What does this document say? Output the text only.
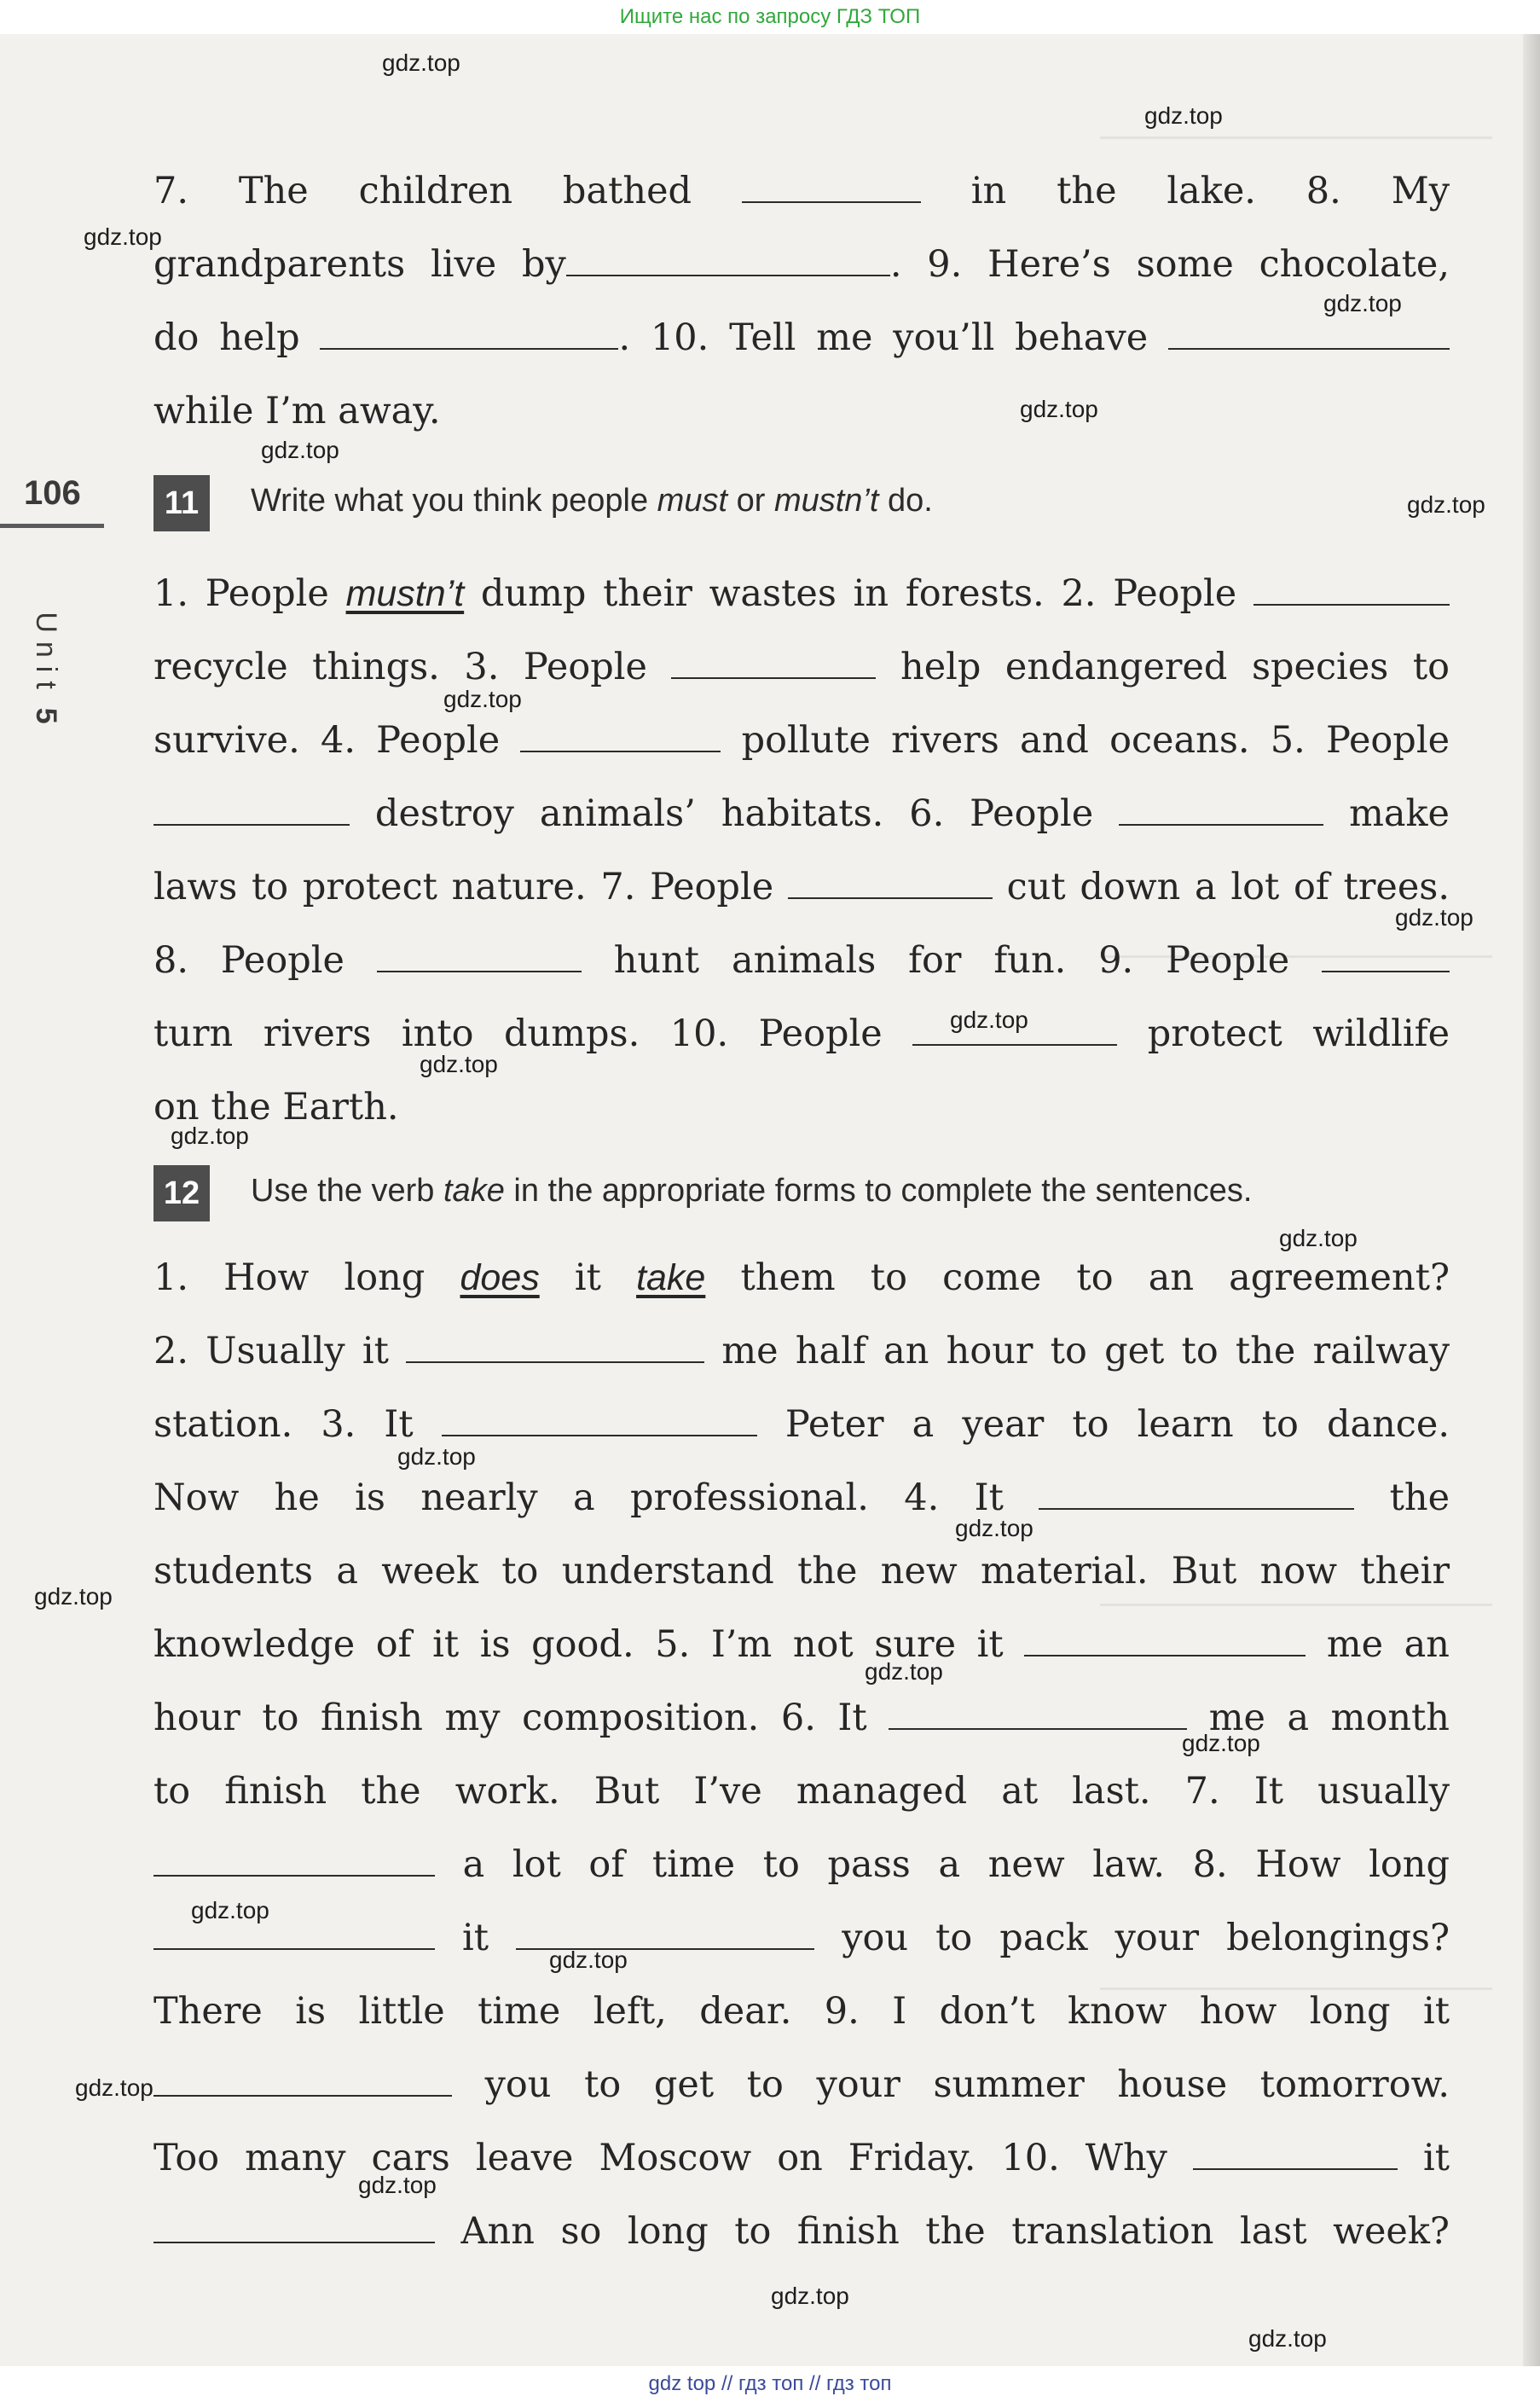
Ищите нас по запросу ГДЗ ТОП
106
Unit
5
7. The children bathed	in the lake. 8. My
grandparents live by	. 9. Here’s some chocolate,
do help	. 10. Tell me you’ll behave
while I’m away.
11	Write what you think people must or mustn’t do.
1. People mustn’t dump their wastes in forests. 2. People
recycle things. 3. People	help endangered species to
survive. 4. People	pollute rivers and oceans. 5. People
destroy animals’ habitats. 6. People	make
laws to protect nature. 7. People	cut down a lot of trees.
8. People	hunt animals for fun. 9. People
turn rivers into dumps. 10. People	protect wildlife
on the Earth.
12	Use the verb take in the appropriate forms to complete the sentences.
1. How long does it take them to come to an agreement?
2. Usually it	me half an hour to get to the railway
station. 3. It	Peter a year to learn to dance.
Now he is nearly a professional. 4. It	the
students a week to understand the new material. But now their
knowledge of it is good. 5. I’m not sure it	me an
hour to finish my composition. 6. It	me a month
to finish the work. But I’ve managed at last. 7. It usually
a lot of time to pass a new law. 8. How long
it	you to pack your belongings?
There is little time left, dear. 9. I don’t know how long it
you to get to your summer house tomorrow.
Too many cars leave Moscow on Friday. 10. Why	it
Ann so long to finish the translation last week?
gdz.top
gdz.top
gdz.top
gdz.top
gdz.top
gdz.top
gdz.top
gdz.top
gdz.top
gdz.top
gdz.top
gdz.top
gdz.top
gdz.top
gdz.top
gdz.top
gdz.top
gdz.top
gdz.top
gdz.top
gdz.top
gdz.top
gdz.top
gdz.top
gdz top // гдз топ // гдз топ
